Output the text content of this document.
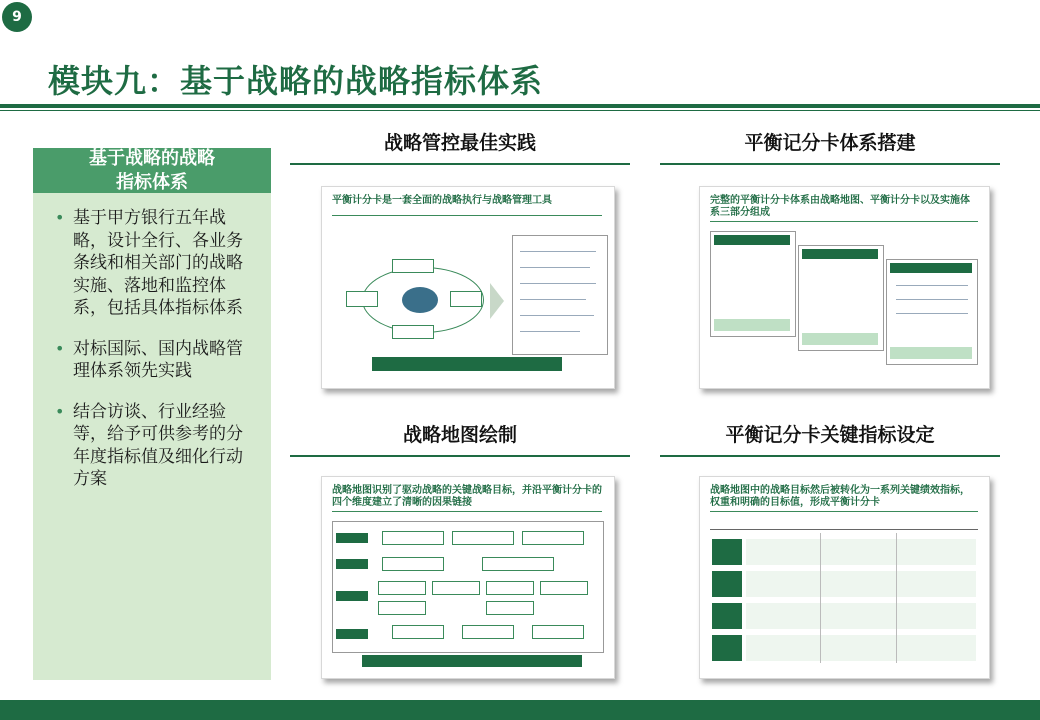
9
模块九：基于战略的战略指标体系
基于战略的战略
指标体系
• 基于甲方银行五年战略，设计全行、各业务条线和相关部门的战略实施、落地和监控体系，包括具体指标体系
• 对标国际、国内战略管理体系领先实践
• 结合访谈、行业经验等，给予可供参考的分年度指标值及细化行动方案
战略管控最佳实践
平衡计分卡是一套全面的战略执行与战略管理工具
平衡记分卡体系搭建
完整的平衡计分卡体系由战略地图、平衡计分卡以及实施体系三部分组成
战略地图绘制
战略地图识别了驱动战略的关键战略目标，并沿平衡计分卡的四个维度建立了清晰的因果链接
平衡记分卡关键指标设定
战略地图中的战略目标然后被转化为一系列关键绩效指标，权重和明确的目标值，形成平衡计分卡
